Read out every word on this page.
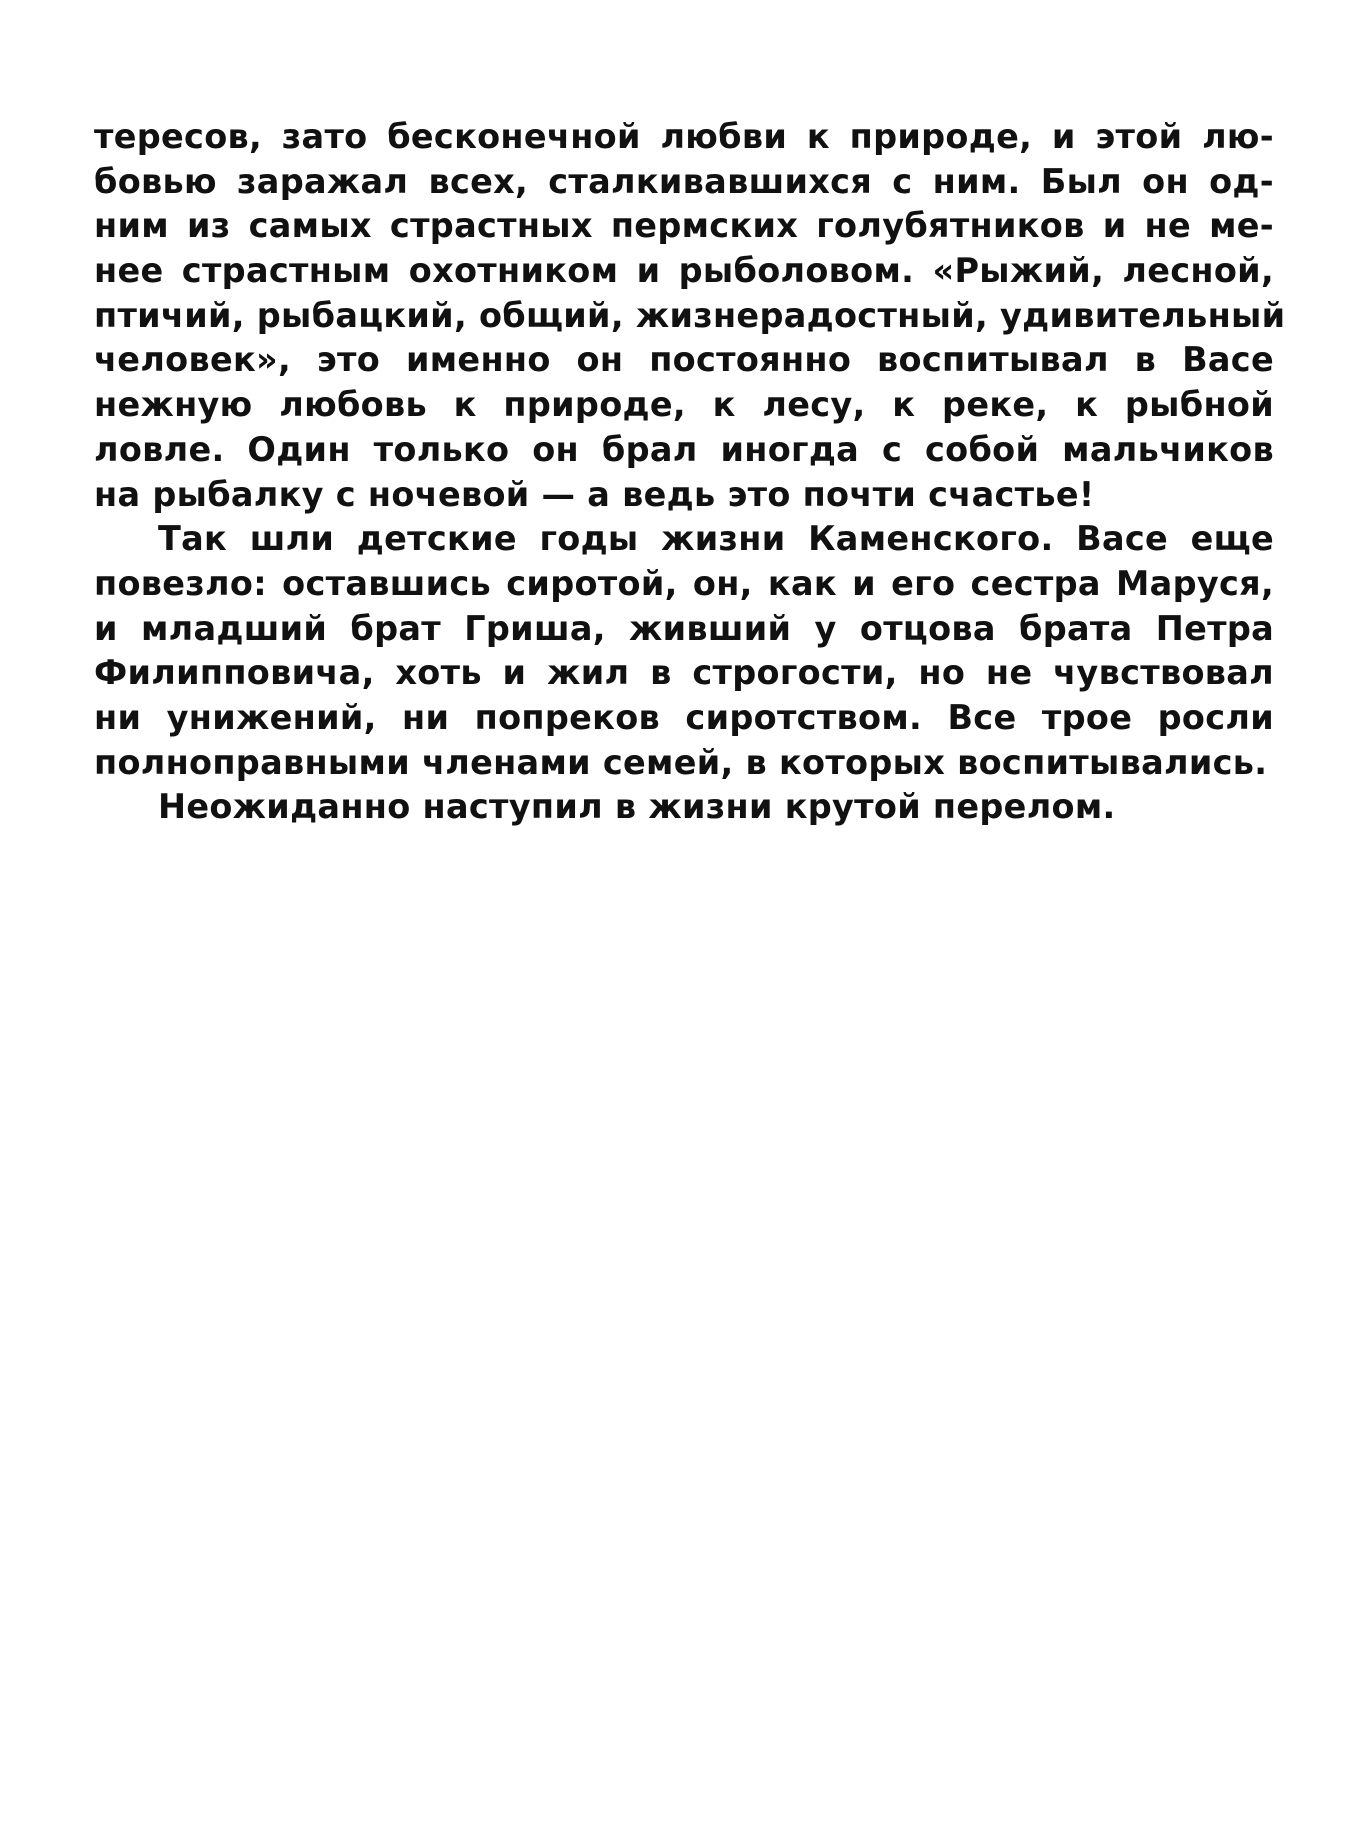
тересов, зато бесконечной любви к природе, и этой лю-
бовью заражал всех, сталкивавшихся с ним. Был он од-
ним из самых страстных пермских голубятников и не ме-
нее страстным охотником и рыболовом. «Рыжий, лесной,
птичий, рыбацкий, общий, жизнерадостный, удивительный
человек», это именно он постоянно воспитывал в Васе
нежную любовь к природе, к лесу, к реке, к рыбной
ловле. Один только он брал иногда с собой мальчиков
на рыбалку с ночевой — а ведь это почти счастье!
Так шли детские годы жизни Каменского. Васе еще
повезло: оставшись сиротой, он, как и его сестра Маруся,
и младший брат Гриша, живший у отцова брата Петра
Филипповича, хоть и жил в строгости, но не чувствовал
ни унижений, ни попреков сиротством. Все трое росли
полноправными членами семей, в которых воспитывались.
Неожиданно наступил в жизни крутой перелом.
